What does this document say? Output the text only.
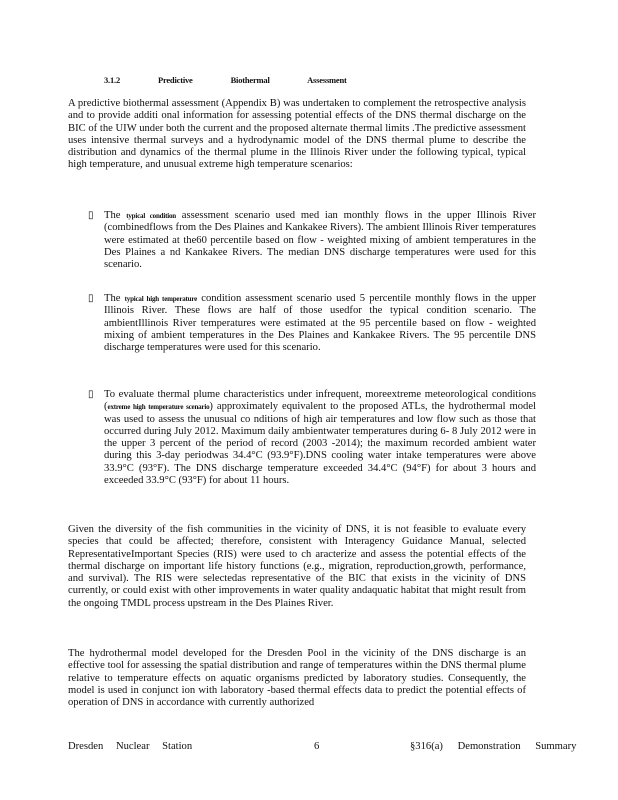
3.1.2	Predictive	Biothermal	Assessment

A predictive biothermal assessment (Appendix B) was undertaken to complement the retrospective analysis and to provide additi onal information for assessing potential effects of the DNS thermal discharge on the BIC of the UIW under both the current and the proposed alternate thermal limits .The predictive assessment uses intensive thermal surveys and a hydrodynamic model of the DNS thermal plume to describe the distribution and dynamics of the thermal plume in the Illinois River under the following typical, typical high temperature, and unusual extreme high temperature scenarios:

▯ The typical condition assessment scenario used med ian monthly flows in the upper Illinois River (combinedflows from the Des Plaines and Kankakee Rivers). The ambient Illinois River temperatures were estimated at the60 percentile based on flow - weighted mixing of ambient temperatures in the Des Plaines a nd Kankakee Rivers. The median DNS discharge temperatures were used for this scenario.

▯ The typical high temperature condition assessment scenario used 5 percentile monthly flows in the upper Illinois River. These flows are half of those usedfor the typical condition scenario. The ambientIllinois River temperatures were estimated at the 95 percentile based on flow - weighted mixing of ambient temperatures in the Des Plaines and Kankakee Rivers. The 95 percentile DNS discharge temperatures were used for this scenario.

▯ To evaluate thermal plume characteristics under infrequent, moreextreme meteorological conditions (extreme high temperature scenario) approximately equivalent to the proposed ATLs, the hydrothermal model was used to assess the unusual co nditions of high air temperatures and low flow such as those that occurred during July 2012. Maximum daily ambientwater temperatures during 6- 8 July 2012 were in the upper 3 percent of the period of record (2003 -2014); the maximum recorded ambient water during this 3-day periodwas 34.4°C (93.9°F).DNS cooling water intake temperatures were above 33.9°C (93°F). The DNS discharge temperature exceeded 34.4°C (94°F) for about 3 hours and exceeded 33.9°C (93°F) for about 11 hours.

Given the diversity of the fish communities in the vicinity of DNS, it is not feasible to evaluate every species that could be affected; therefore, consistent with Interagency Guidance Manual, selected RepresentativeImportant Species (RIS) were used to ch aracterize and assess the potential effects of the thermal discharge on important life history functions (e.g., migration, reproduction,growth, performance, and survival). The RIS were selectedas representative of the BIC that exists in the vicinity of DNS currently, or could exist with other improvements in water quality andaquatic habitat that might result from the ongoing TMDL process upstream in the Des Plaines River.

The hydrothermal model developed for the Dresden Pool in the vicinity of the DNS discharge is an effective tool for assessing the spatial distribution and range of temperatures within the DNS thermal plume relative to temperature effects on aquatic organisms predicted by laboratory studies. Consequently, the model is used in conjunct ion with laboratory -based thermal effects data to predict the potential effects of operation of DNS in accordance with currently authorized

Dresden Nuclear Station	6	§316(a) Demonstration Summary
